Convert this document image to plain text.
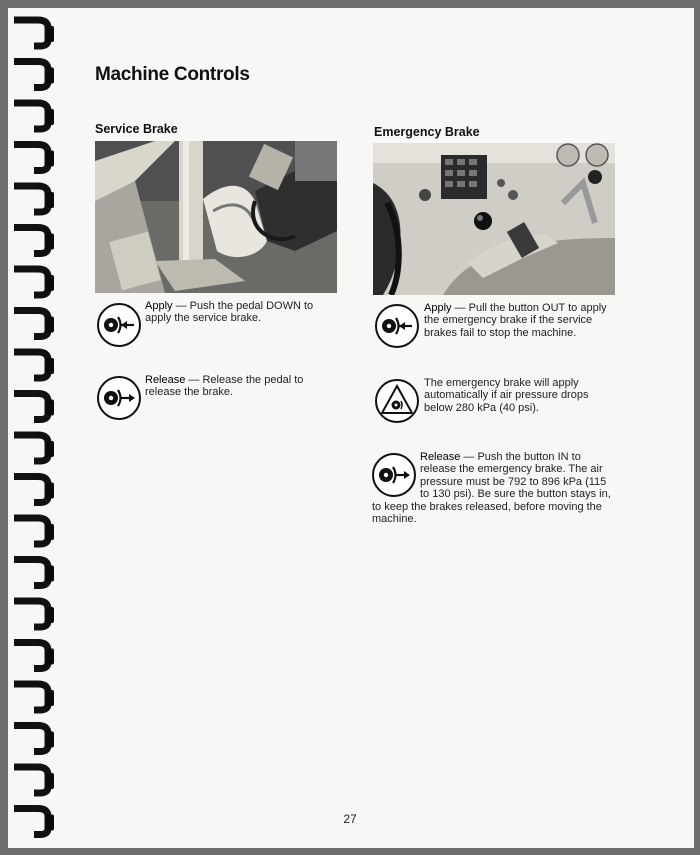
Machine Controls
Service Brake

Apply — Push the pedal DOWN to apply the service brake.

Release — Release the pedal to release the brake.

Emergency Brake

Apply — Pull the button OUT to apply the emergency brake if the service brakes fail to stop the machine.

The emergency brake will apply automatically if air pressure drops below 280 kPa (40 psi).

Release — Push the button IN to release the emergency brake. The air pressure must be 792 to 896 kPa (115 to 130 psi). Be sure the button stays in, to keep the brakes released, before moving the machine.

27
